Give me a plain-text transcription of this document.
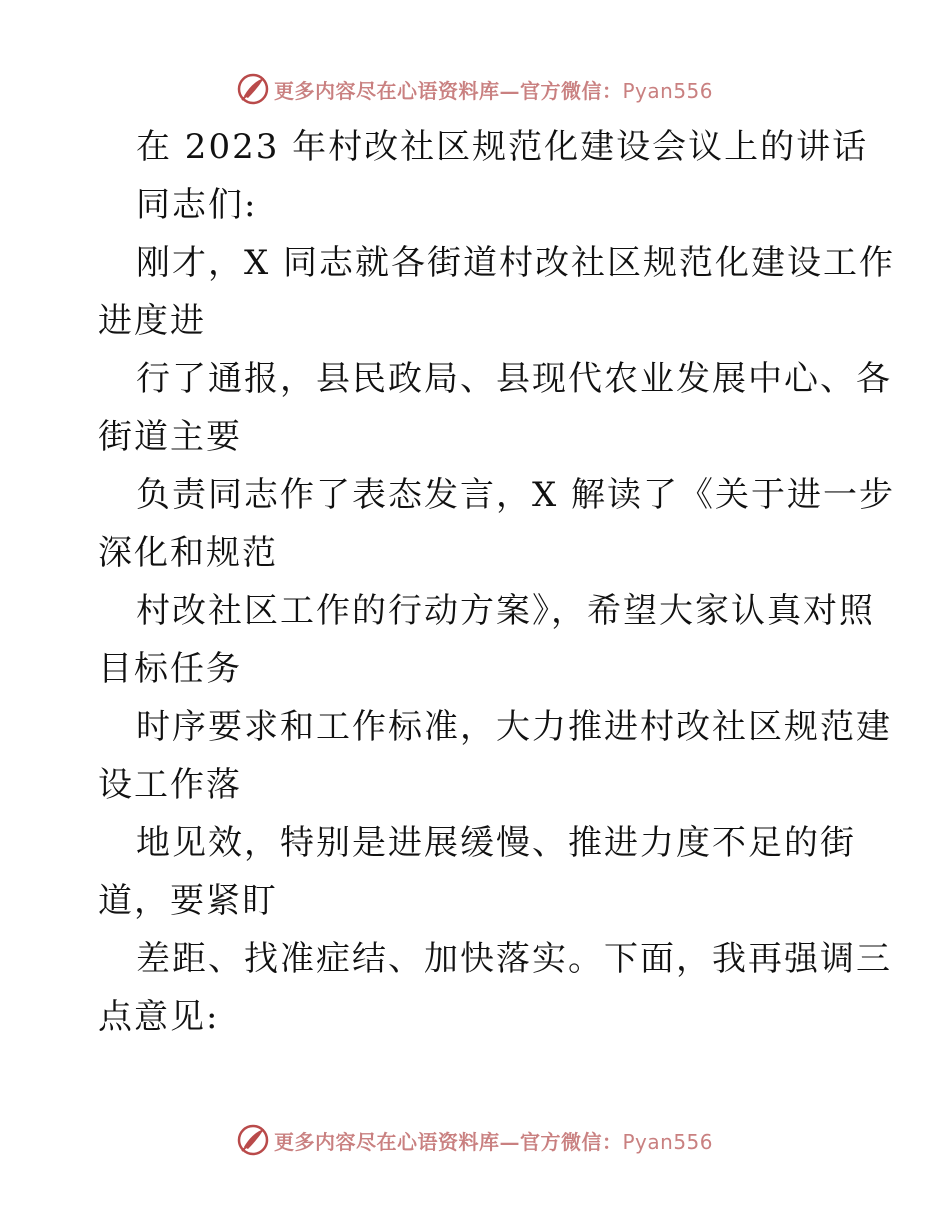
更多内容尽在心语资料库—官方微信：Pyan556
在 2023 年村改社区规范化建设会议上的讲话
同志们:
刚才，X 同志就各街道村改社区规范化建设工作
进度进
行了通报，县民政局、县现代农业发展中心、各
街道主要
负责同志作了表态发言，X 解读了《关于进一步
深化和规范
村改社区工作的行动方案》，希望大家认真对照
目标任务
时序要求和工作标准，大力推进村改社区规范建
设工作落
地见效，特别是进展缓慢、推进力度不足的街
道，要紧盯
差距、找准症结、加快落实。下面，我再强调三
点意见:
更多内容尽在心语资料库—官方微信：Pyan556
